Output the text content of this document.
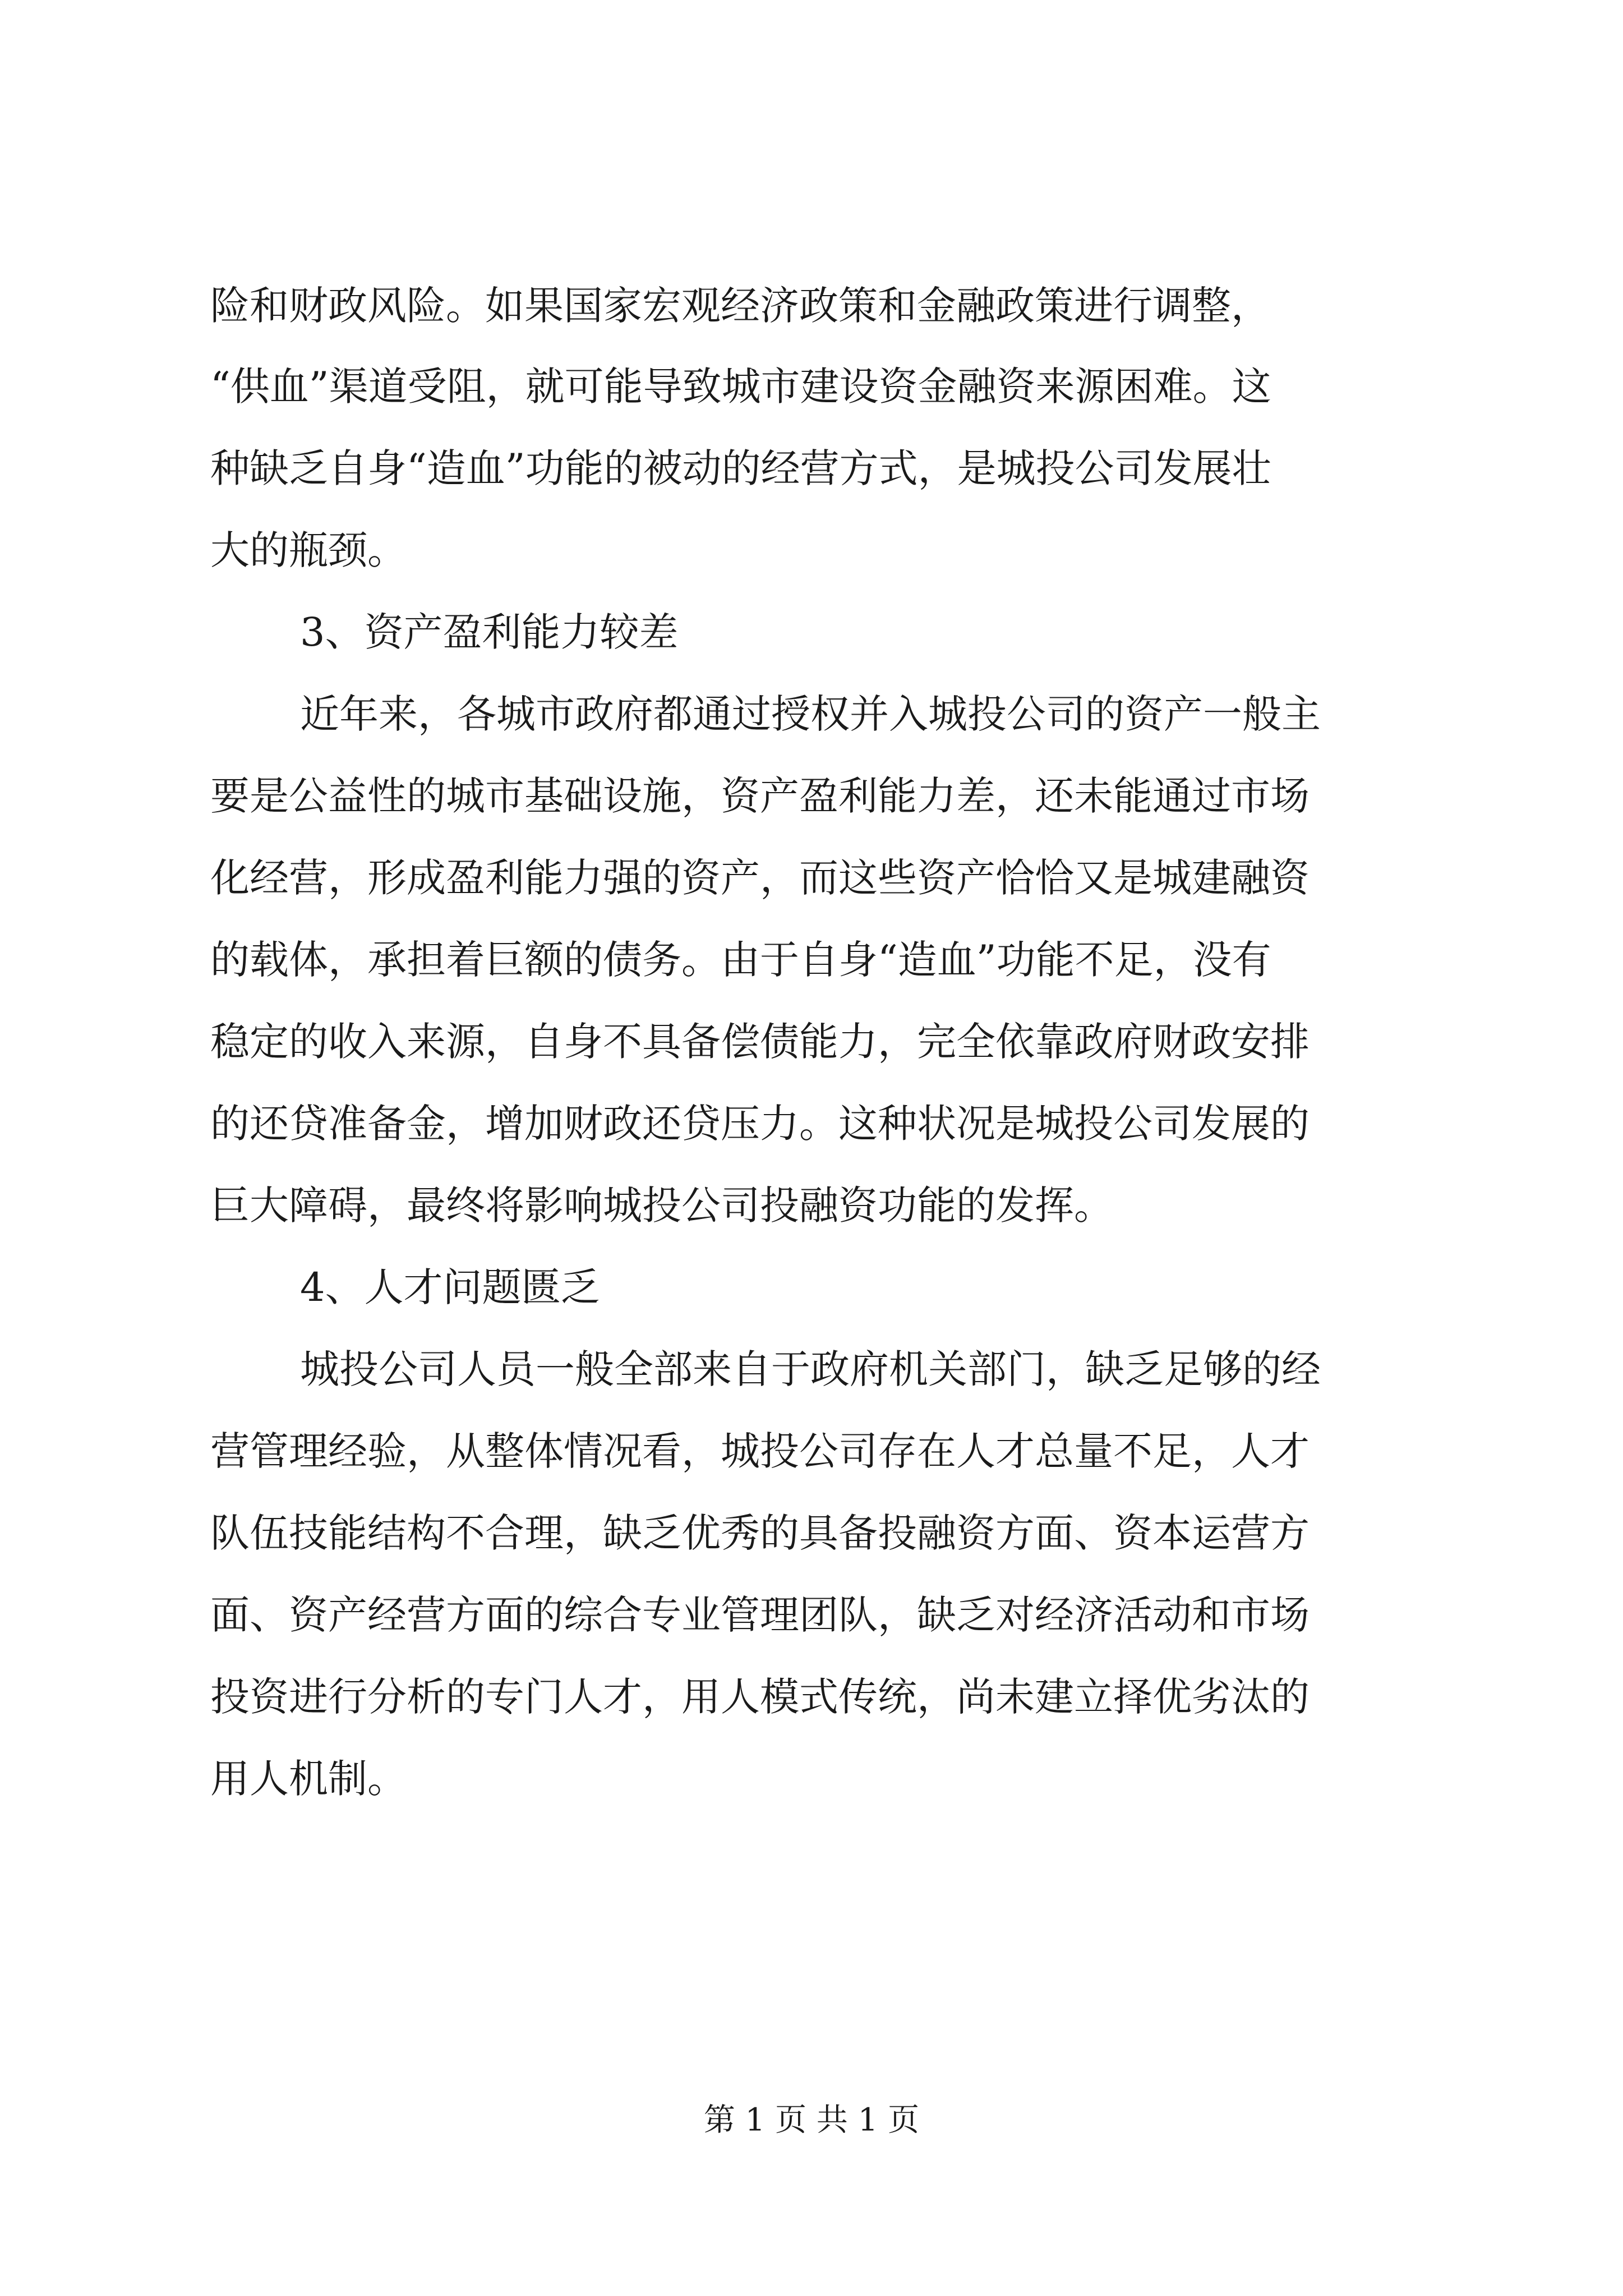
险和财政风险。如果国家宏观经济政策和金融政策进行调整，
“供血”渠道受阻，就可能导致城市建设资金融资来源困难。这
种缺乏自身“造血”功能的被动的经营方式，是城投公司发展壮
大的瓶颈。
3、资产盈利能力较差
近年来，各城市政府都通过授权并入城投公司的资产一般主
要是公益性的城市基础设施，资产盈利能力差，还未能通过市场
化经营，形成盈利能力强的资产，而这些资产恰恰又是城建融资
的载体，承担着巨额的债务。由于自身“造血”功能不足，没有
稳定的收入来源，自身不具备偿债能力，完全依靠政府财政安排
的还贷准备金，增加财政还贷压力。这种状况是城投公司发展的
巨大障碍，最终将影响城投公司投融资功能的发挥。
4、人才问题匮乏
城投公司人员一般全部来自于政府机关部门，缺乏足够的经
营管理经验，从整体情况看，城投公司存在人才总量不足，人才
队伍技能结构不合理，缺乏优秀的具备投融资方面、资本运营方
面、资产经营方面的综合专业管理团队，缺乏对经济活动和市场
投资进行分析的专门人才，用人模式传统，尚未建立择优劣汰的
用人机制。
第 1 页 共 1 页
